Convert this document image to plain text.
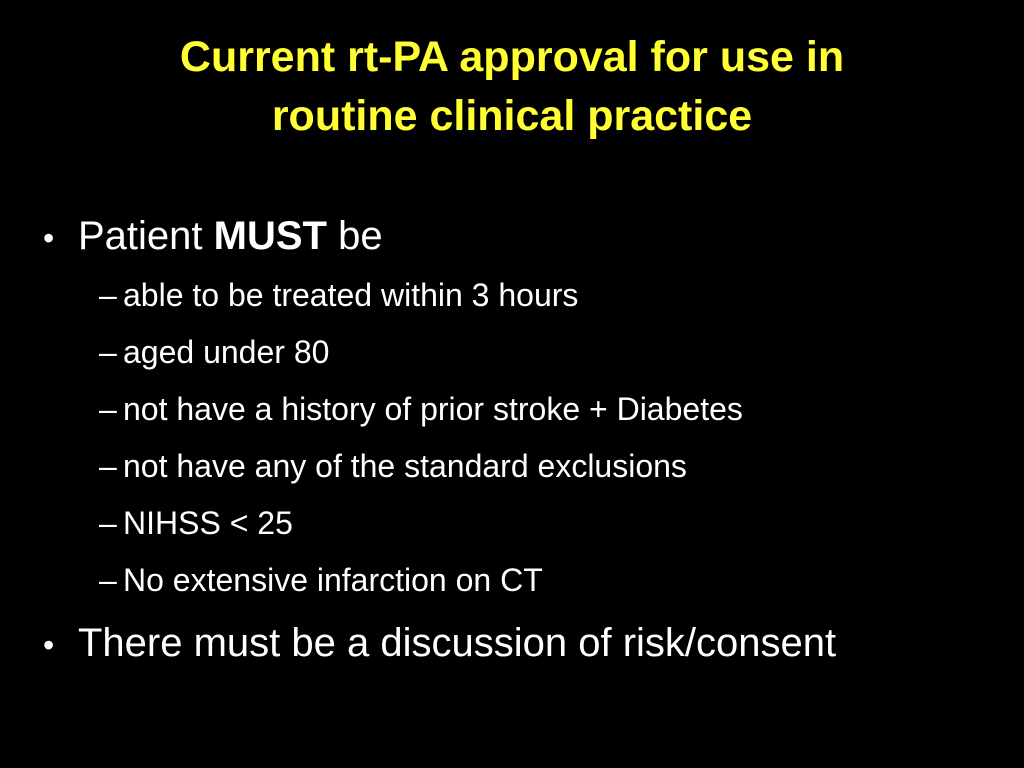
Current rt-PA approval for use in
routine clinical practice
• Patient MUST be
– able to be treated within 3 hours
– aged under 80
– not have a history of prior stroke + Diabetes
– not have any of the standard exclusions
– NIHSS < 25
– No extensive infarction on CT
• There must be a discussion of risk/consent
